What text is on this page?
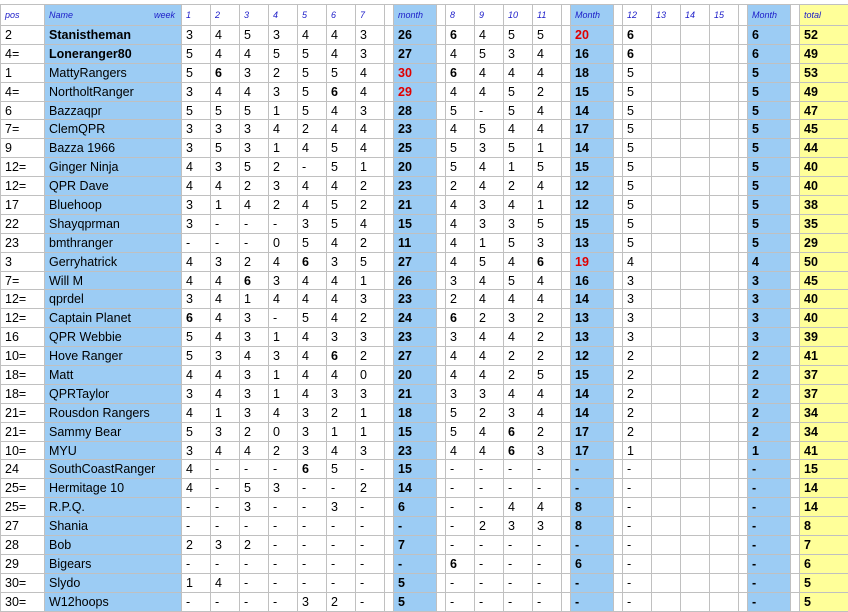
pos	Name week	1	2	3	4	5	6	7		month		8	9	10	11		Month		12	13	14	15		Month		total
2	Stanistheman	3	4	5	3	4	4	3		26		6	4	5	5		20		6					6		52
4=	Loneranger80	5	4	4	5	5	4	3		27		4	5	3	4		16		6					6		49
1	MattyRangers	5	6	3	2	5	5	4		30		6	4	4	4		18		5					5		53
4=	NortholtRanger	3	4	4	3	5	6	4		29		4	4	5	2		15		5					5		49
6	Bazzaqpr	5	5	5	1	5	4	3		28		5	-	5	4		14		5					5		47
7=	ClemQPR	3	3	3	4	2	4	4		23		4	5	4	4		17		5					5		45
9	Bazza 1966	3	5	3	1	4	5	4		25		5	3	5	1		14		5					5		44
12=	Ginger Ninja	4	3	5	2	-	5	1		20		5	4	1	5		15		5					5		40
12=	QPR Dave	4	4	2	3	4	4	2		23		2	4	2	4		12		5					5		40
17	Bluehoop	3	1	4	2	4	5	2		21		4	3	4	1		12		5					5		38
22	Shayqprman	3	-	-	-	3	5	4		15		4	3	3	5		15		5					5		35
23	bmthranger	-	-	-	0	5	4	2		11		4	1	5	3		13		5					5		29
3	Gerryhatrick	4	3	2	4	6	3	5		27		4	5	4	6		19		4					4		50
7=	Will M	4	4	6	3	4	4	1		26		3	4	5	4		16		3					3		45
12=	qprdel	3	4	1	4	4	4	3		23		2	4	4	4		14		3					3		40
12=	Captain Planet	6	4	3	-	5	4	2		24		6	2	3	2		13		3					3		40
16	QPR Webbie	5	4	3	1	4	3	3		23		3	4	4	2		13		3					3		39
10=	Hove Ranger	5	3	4	3	4	6	2		27		4	4	2	2		12		2					2		41
18=	Matt	4	4	3	1	4	4	0		20		4	4	2	5		15		2					2		37
18=	QPRTaylor	3	4	3	1	4	3	3		21		3	3	4	4		14		2					2		37
21=	Rousdon Rangers	4	1	3	4	3	2	1		18		5	2	3	4		14		2					2		34
21=	Sammy Bear	5	3	2	0	3	1	1		15		5	4	6	2		17		2					2		34
10=	MYU	3	4	4	2	3	4	3		23		4	4	6	3		17		1					1		41
24	SouthCoastRanger	4	-	-	-	6	5	-		15		-	-	-	-		-		-					-		15
25=	Hermitage 10	4	-	5	3	-	-	2		14		-	-	-	-		-		-					-		14
25=	R.P.Q.	-	-	3	-	-	3	-		6		-	-	4	4		8		-					-		14
27	Shania	-	-	-	-	-	-	-		-		-	2	3	3		8		-					-		8
28	Bob	2	3	2	-	-	-	-		7		-	-	-	-		-		-					-		7
29	Bigears	-	-	-	-	-	-	-		-		6	-	-	-		6		-					-		6
30=	Slydo	1	4	-	-	-	-	-		5		-	-	-	-		-		-					-		5
30=	W12hoops	-	-	-	-	3	2	-		5		-	-	-	-		-		-					-		5
